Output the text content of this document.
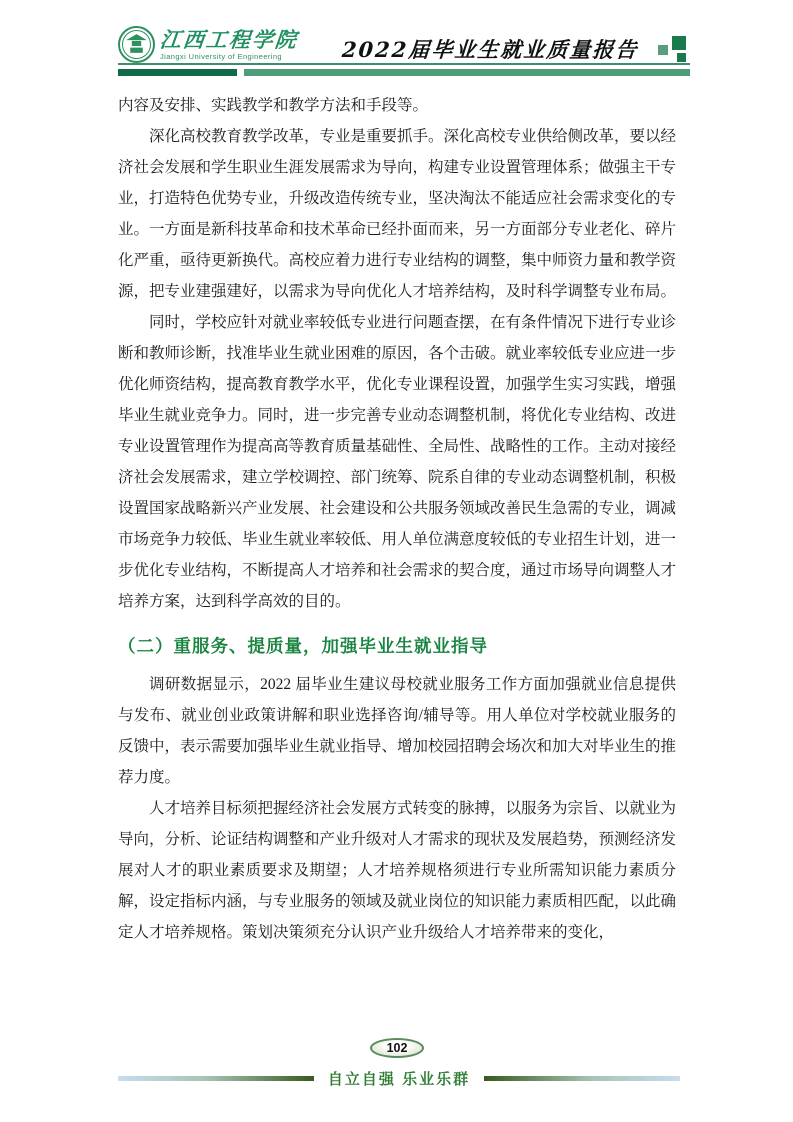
江西工程学院
Jiangxi University of Engineering	2022届毕业生就业质量报告

内容及安排、实践教学和教学方法和手段等。

深化高校教育教学改革，专业是重要抓手。深化高校专业供给侧改革，要以经济社会发展和学生职业生涯发展需求为导向，构建专业设置管理体系；做强主干专业，打造特色优势专业，升级改造传统专业，坚决淘汰不能适应社会需求变化的专业。一方面是新科技革命和技术革命已经扑面而来，另一方面部分专业老化、碎片化严重，亟待更新换代。高校应着力进行专业结构的调整，集中师资力量和教学资源，把专业建强建好，以需求为导向优化人才培养结构，及时科学调整专业布局。

同时，学校应针对就业率较低专业进行问题查摆，在有条件情况下进行专业诊断和教师诊断，找准毕业生就业困难的原因，各个击破。就业率较低专业应进一步优化师资结构，提高教育教学水平，优化专业课程设置，加强学生实习实践，增强毕业生就业竞争力。同时，进一步完善专业动态调整机制，将优化专业结构、改进专业设置管理作为提高高等教育质量基础性、全局性、战略性的工作。主动对接经济社会发展需求，建立学校调控、部门统筹、院系自律的专业动态调整机制，积极设置国家战略新兴产业发展、社会建设和公共服务领域改善民生急需的专业，调减市场竞争力较低、毕业生就业率较低、用人单位满意度较低的专业招生计划，进一步优化专业结构，不断提高人才培养和社会需求的契合度，通过市场导向调整人才培养方案，达到科学高效的目的。

（二）重服务、提质量，加强毕业生就业指导

调研数据显示，2022 届毕业生建议母校就业服务工作方面加强就业信息提供与发布、就业创业政策讲解和职业选择咨询/辅导等。用人单位对学校就业服务的反馈中，表示需要加强毕业生就业指导、增加校园招聘会场次和加大对毕业生的推荐力度。

人才培养目标须把握经济社会发展方式转变的脉搏，以服务为宗旨、以就业为导向，分析、论证结构调整和产业升级对人才需求的现状及发展趋势，预测经济发展对人才的职业素质要求及期望；人才培养规格须进行专业所需知识能力素质分解，设定指标内涵，与专业服务的领域及就业岗位的知识能力素质相匹配，以此确定人才培养规格。策划决策须充分认识产业升级给人才培养带来的变化，

102
自立自强 乐业乐群
